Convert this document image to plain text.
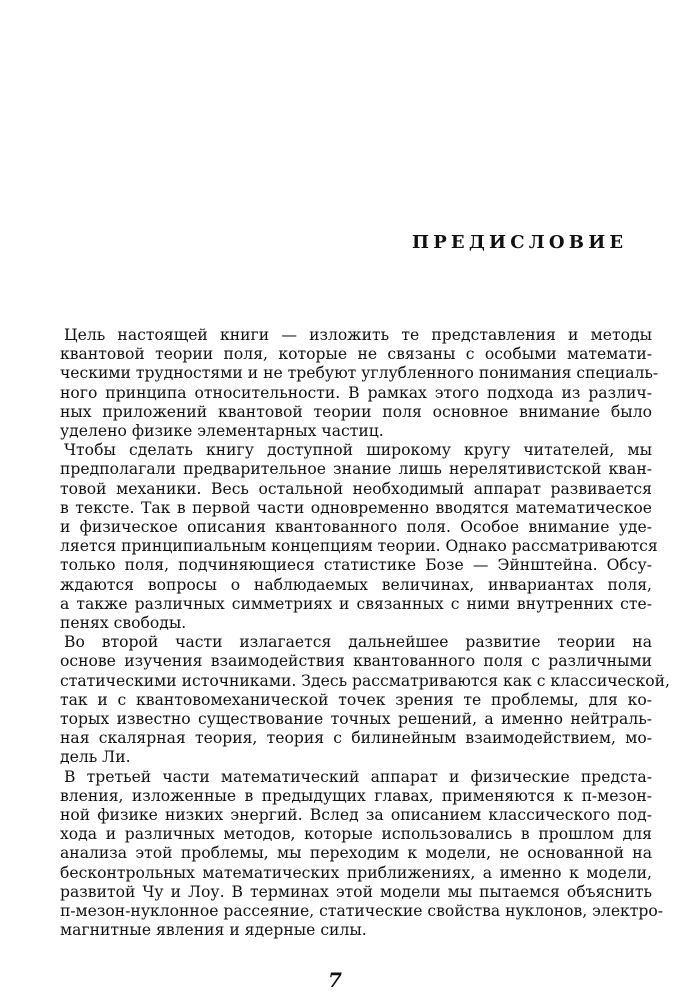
ПРЕДИСЛОВИЕ

Цель настоящей книги — изложить те представления и методы
квантовой теории поля, которые не связаны с особыми математи-
ческими трудностями и не требуют углубленного понимания специаль-
ного принципа относительности. В рамках этого подхода из различ-
ных приложений квантовой теории поля основное внимание было
уделено физике элементарных частиц.

Чтобы сделать книгу доступной широкому кругу читателей, мы
предполагали предварительное знание лишь нерелятивистской кван-
товой механики. Весь остальной необходимый аппарат развивается
в тексте. Так в первой части одновременно вводятся математическое
и физическое описания квантованного поля. Особое внимание уде-
ляется принципиальным концепциям теории. Однако рассматриваются
только поля, подчиняющиеся статистике Бозе — Эйнштейна. Обсу-
ждаются вопросы о наблюдаемых величинах, инвариантах поля,
а также различных симметриях и связанных с ними внутренних сте-
пенях свободы.

Во второй части излагается дальнейшее развитие теории на
основе изучения взаимодействия квантованного поля с различными
статическими источниками. Здесь рассматриваются как с классической,
так и с квантовомеханической точек зрения те проблемы, для ко-
торых известно существование точных решений, а именно нейтраль-
ная скалярная теория, теория с билинейным взаимодействием, мо-
дель Ли.

В третьей части математический аппарат и физические предста-
вления, изложенные в предыдущих главах, применяются к π-мезон-
ной физике низких энергий. Вслед за описанием классического под-
хода и различных методов, которые использовались в прошлом для
анализа этой проблемы, мы переходим к модели, не основанной на
бесконтрольных математических приближениях, а именно к модели,
развитой Чу и Лоу. В терминах этой модели мы пытаемся объяснить
π-мезон-нуклонное рассеяние, статические свойства нуклонов, электро-
магнитные явления и ядерные силы.

7
